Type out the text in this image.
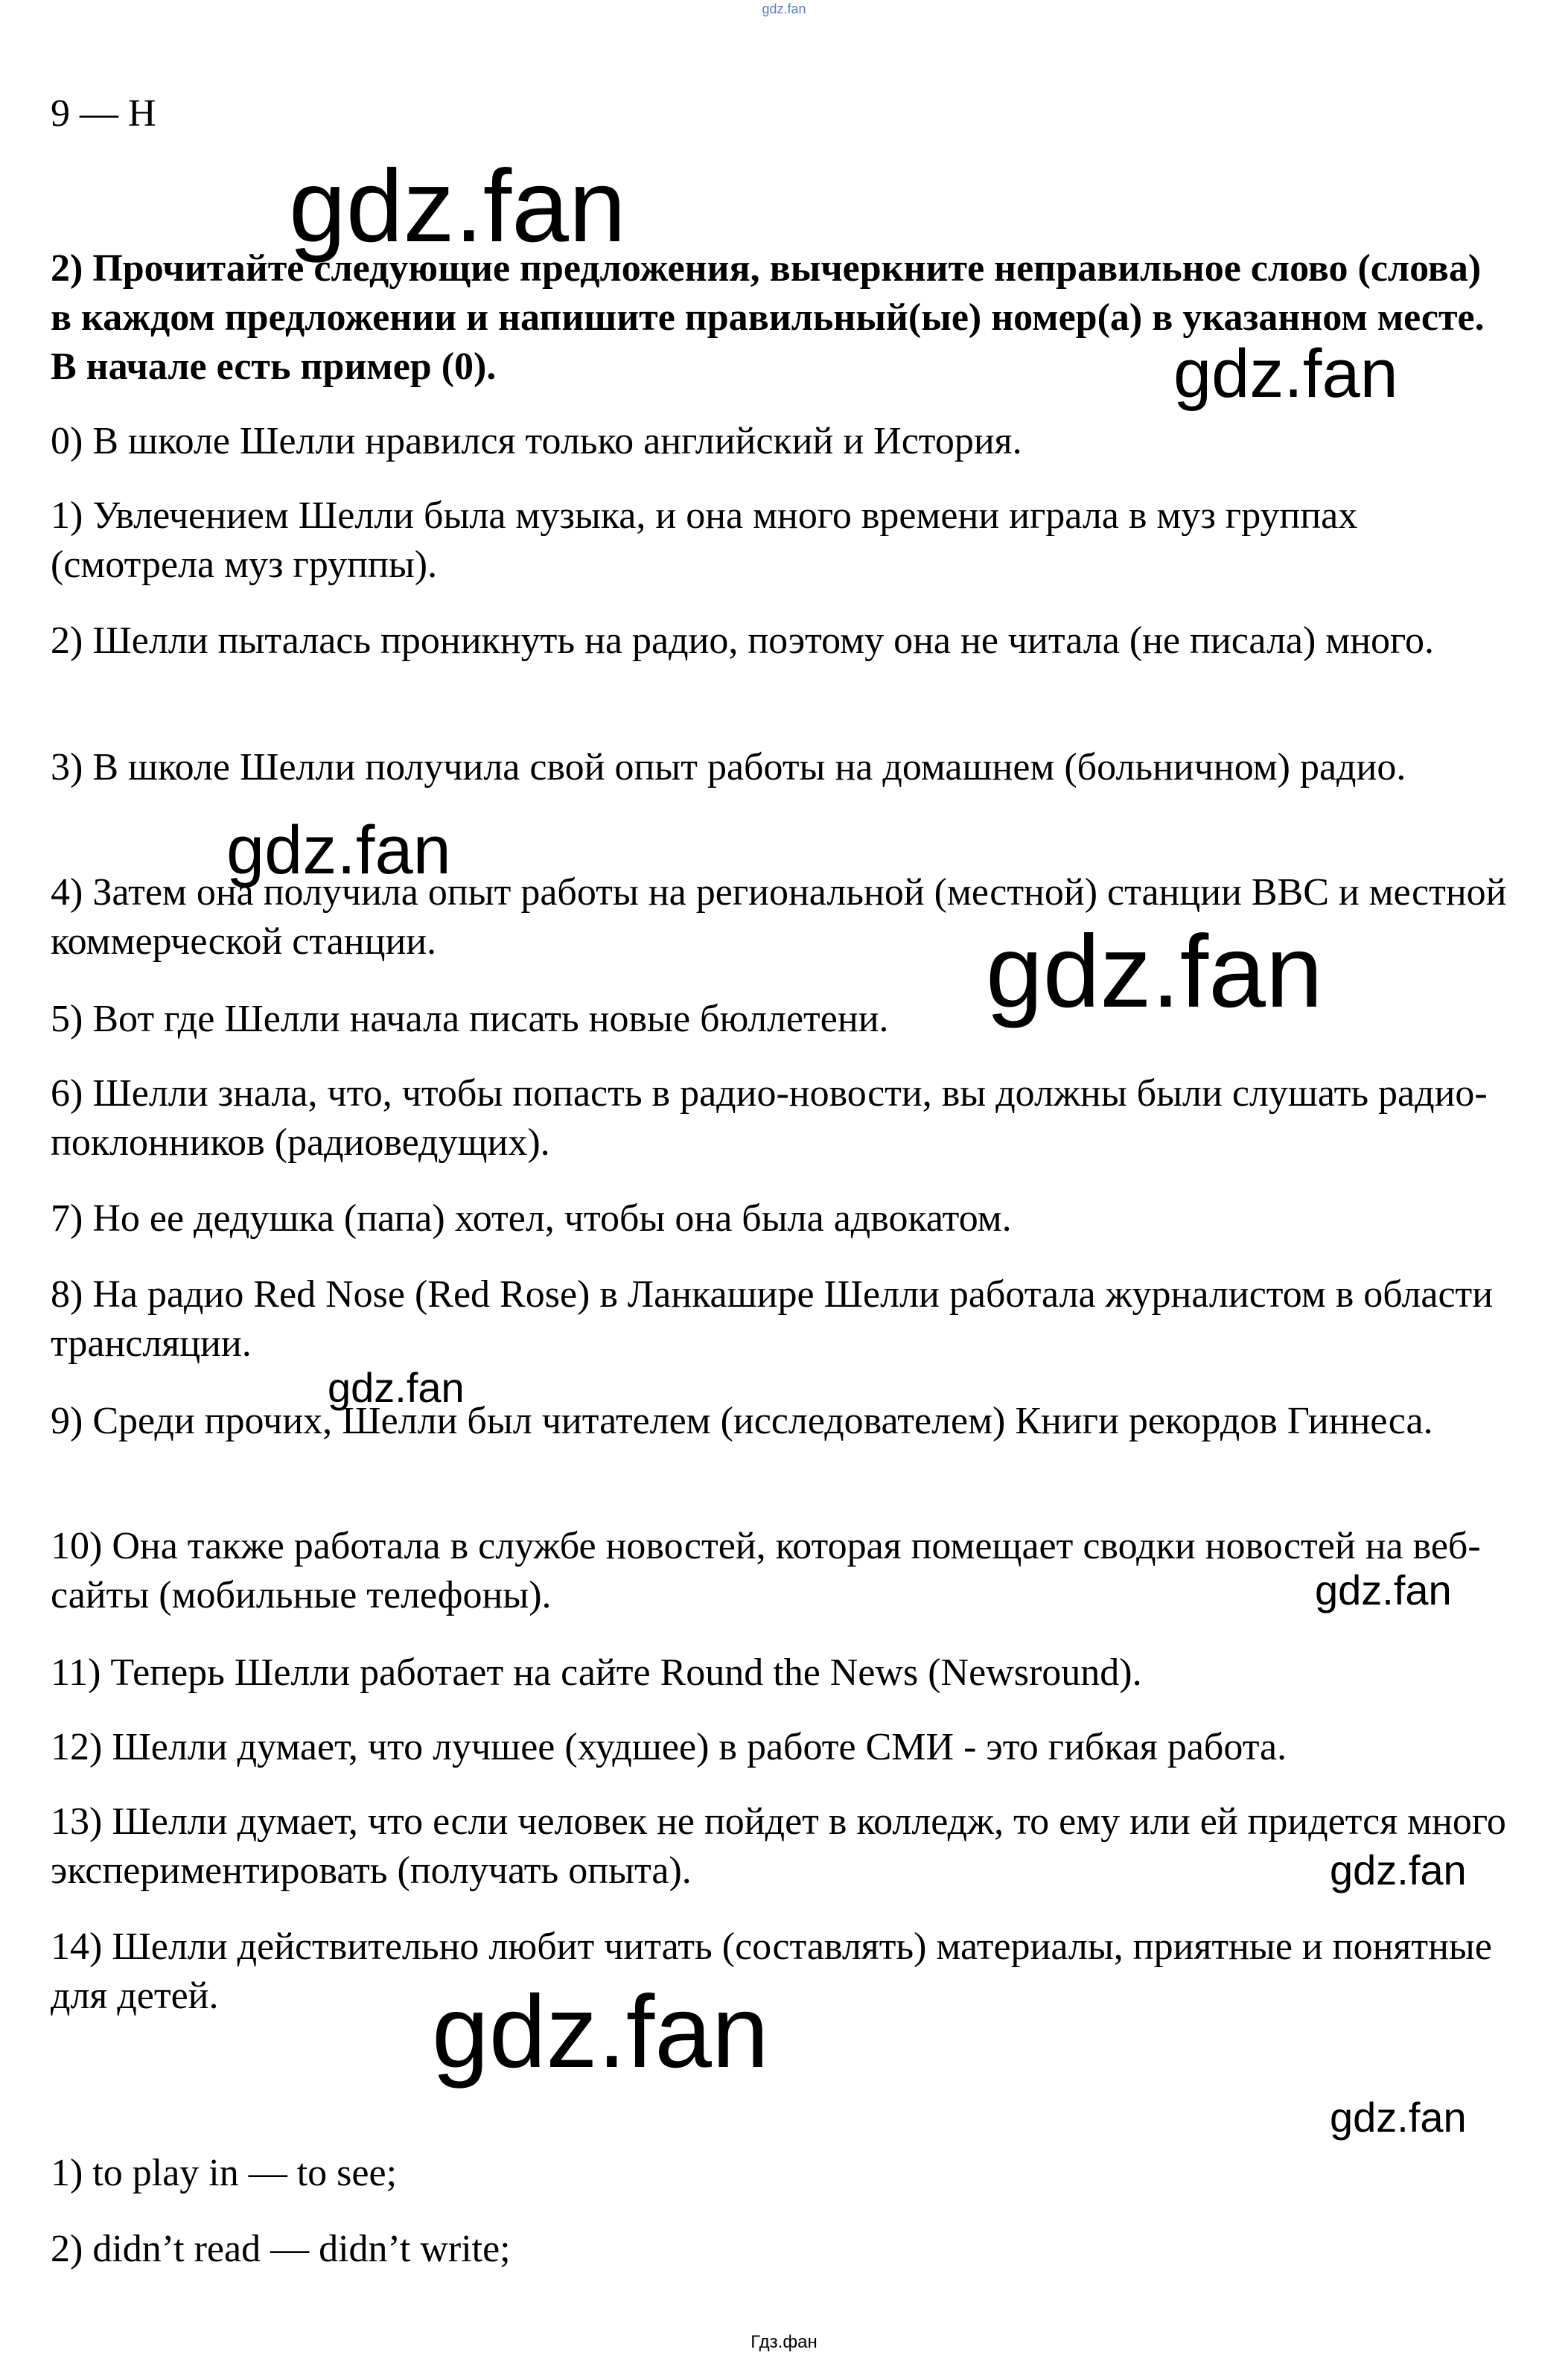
gdz.fan
9 — H

2) Прочитайте следующие предложения, вычеркните неправильное слово (слова) в каждом предложении и напишите правильный(ые) номер(а) в указанном месте. В начале есть пример (0).

0) В школе Шелли нравился только английский и История.

1) Увлечением Шелли была музыка, и она много времени играла в муз группах (смотрела муз группы).

2) Шелли пыталась проникнуть на радио, поэтому она не читала (не писала) много.

3) В школе Шелли получила свой опыт работы на домашнем (больничном) радио.

4) Затем она получила опыт работы на региональной (местной) станции BBC и местной коммерческой станции.

5) Вот где Шелли начала писать новые бюллетени.

6) Шелли знала, что, чтобы попасть в радио-новости, вы должны были слушать радио-поклонников (радиоведущих).

7) Но ее дедушка (папа) хотел, чтобы она была адвокатом.

8) На радио Red Nose (Red Rose) в Ланкашире Шелли работала журналистом в области трансляции.

9) Среди прочих, Шелли был читателем (исследователем) Книги рекордов Гиннеса.

10) Она также работала в службе новостей, которая помещает сводки новостей на веб-сайты (мобильные телефоны).

11) Теперь Шелли работает на сайте Round the News (Newsround).

12) Шелли думает, что лучшее (худшее) в работе СМИ - это гибкая работа.

13) Шелли думает, что если человек не пойдет в колледж, то ему или ей придется много экспериментировать (получать опыта).

14) Шелли действительно любит читать (составлять) материалы, приятные и понятные для детей.

1) to play in — to see;

2) didn’t read — didn’t write;

gdz.fan
gdz.fan
gdz.fan
gdz.fan
gdz.fan
gdz.fan
gdz.fan
gdz.fan
gdz.fan
Гдз.фан
